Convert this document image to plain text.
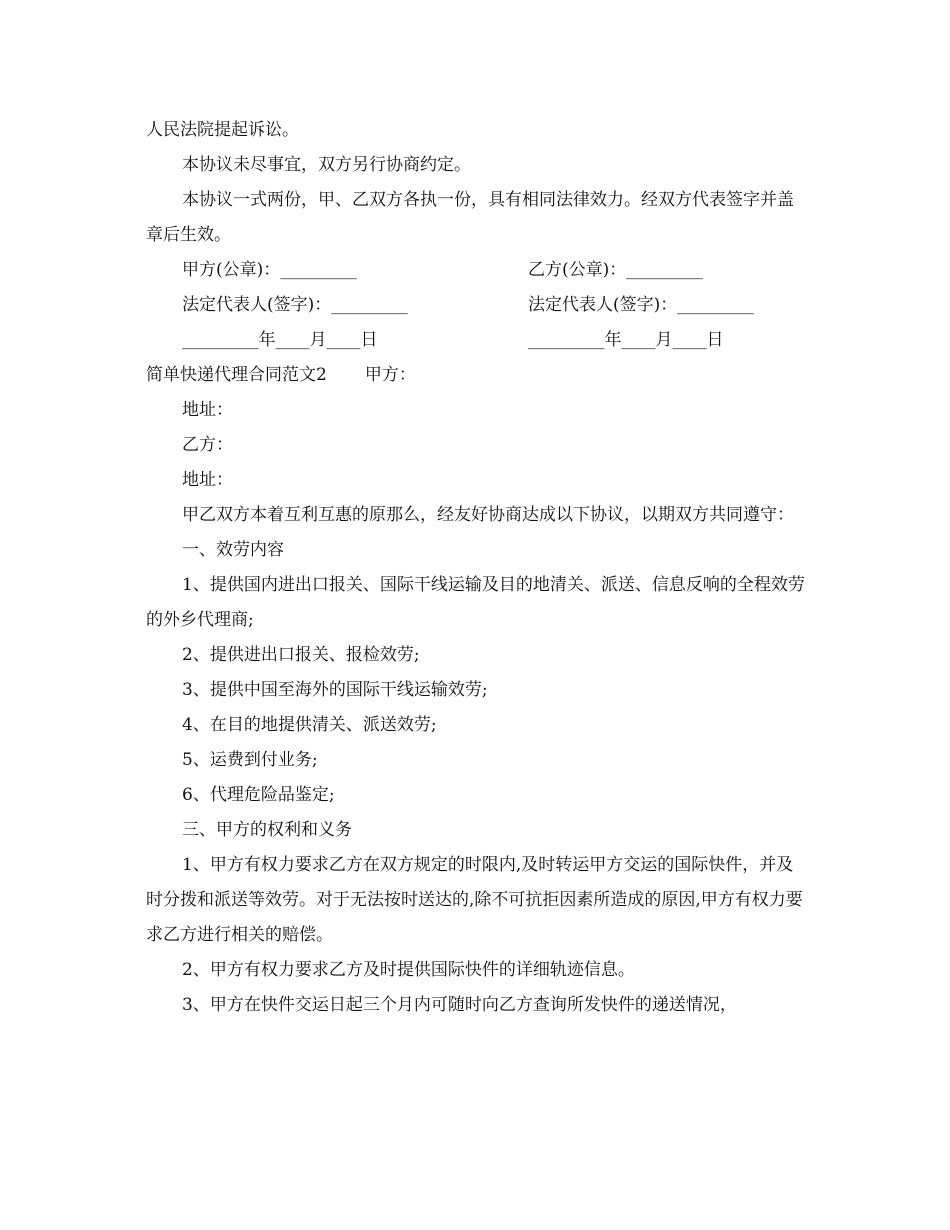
人民法院提起诉讼。

本协议未尽事宜，双方另行协商约定。

本协议一式两份，甲、乙双方各执一份，具有相同法律效力。经双方代表签字并盖章后生效。

甲方(公章)：_________	乙方(公章)：_________
法定代表人(签字)：_________	法定代表人(签字)：_________
_________年____月____日	_________年____月____日

简单快递代理合同范文2 甲方：

地址：

乙方：

地址：

甲乙双方本着互利互惠的原那么，经友好协商达成以下协议，以期双方共同遵守：

一、效劳内容

1、提供国内进出口报关、国际干线运输及目的地清关、派送、信息反响的全程效劳的外乡代理商;

2、提供进出口报关、报检效劳;

3、提供中国至海外的国际干线运输效劳;

4、在目的地提供清关、派送效劳;

5、运费到付业务;

6、代理危险品鉴定;

三、甲方的权利和义务

1、甲方有权力要求乙方在双方规定的时限内,及时转运甲方交运的国际快件，并及时分拨和派送等效劳。对于无法按时送达的,除不可抗拒因素所造成的原因,甲方有权力要求乙方进行相关的赔偿。

2、甲方有权力要求乙方及时提供国际快件的详细轨迹信息。

3、甲方在快件交运日起三个月内可随时向乙方查询所发快件的递送情况，
